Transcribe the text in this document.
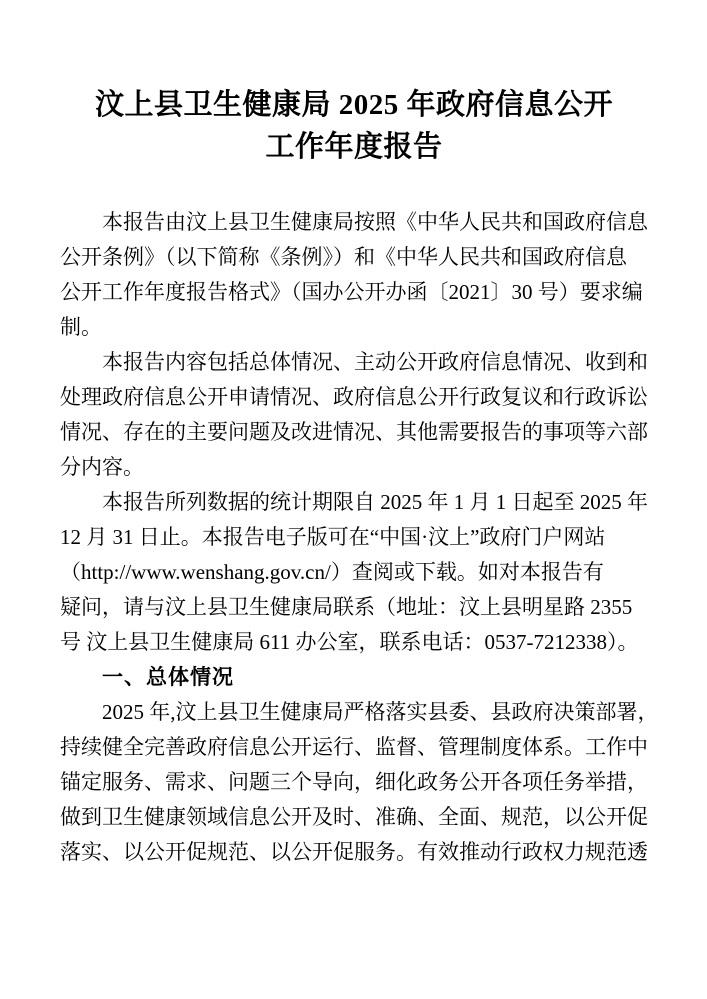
汶上县卫生健康局 2025 年政府信息公开
工作年度报告
本报告由汶上县卫生健康局按照《中华人民共和国政府信息
公开条例》（以下简称《条例》）和《中华人民共和国政府信息
公开工作年度报告格式》（国办公开办函〔2021〕30 号）要求编
制。
本报告内容包括总体情况、主动公开政府信息情况、收到和
处理政府信息公开申请情况、政府信息公开行政复议和行政诉讼
情况、存在的主要问题及改进情况、其他需要报告的事项等六部
分内容。
本报告所列数据的统计期限自 2025 年 1 月 1 日起至 2025 年
12 月 31 日止。本报告电子版可在“中国·汶上”政府门户网站
（http://www.wenshang.gov.cn/）查阅或下载。如对本报告有
疑问，请与汶上县卫生健康局联系（地址：汶上县明星路 2355
号 汶上县卫生健康局 611 办公室，联系电话：0537-7212338）。
一、总体情况
2025 年,汶上县卫生健康局严格落实县委、县政府决策部署，
持续健全完善政府信息公开运行、监督、管理制度体系。工作中
锚定服务、需求、问题三个导向，细化政务公开各项任务举措，
做到卫生健康领域信息公开及时、准确、全面、规范，以公开促
落实、以公开促规范、以公开促服务。有效推动行政权力规范透
